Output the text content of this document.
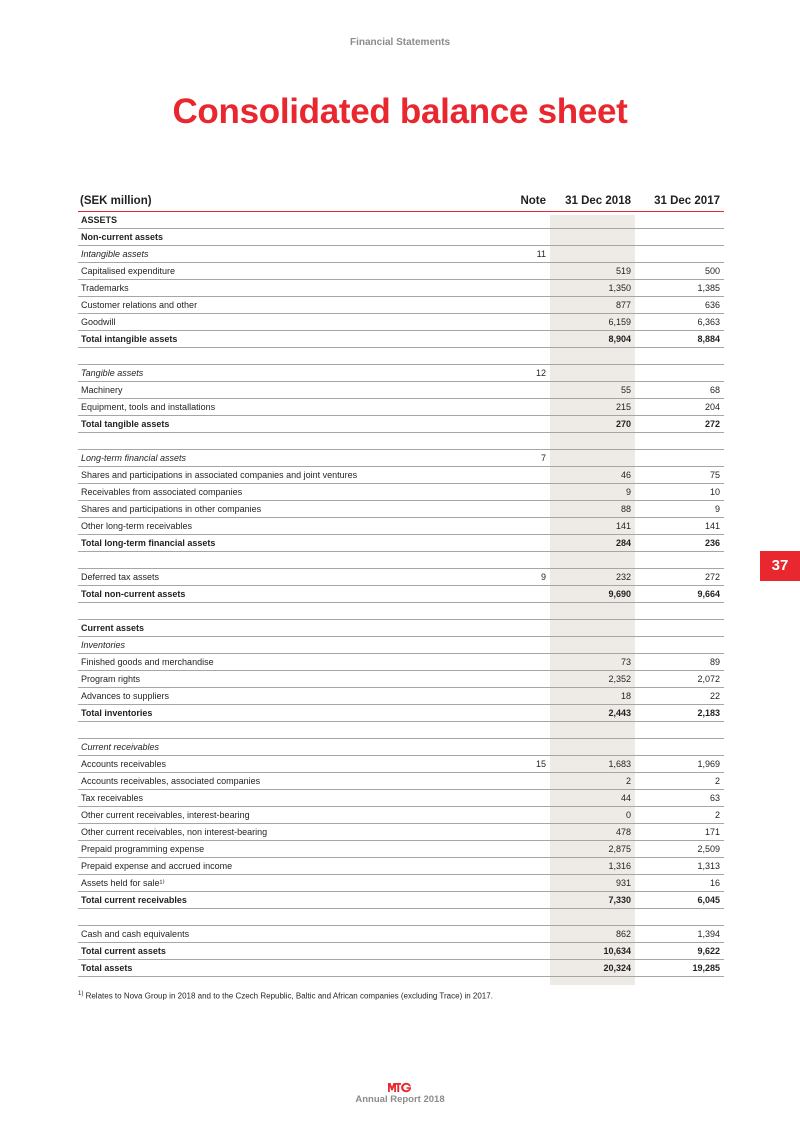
Financial Statements
Consolidated balance sheet
(SEK million)	Note	31 Dec 2018	31 Dec 2017
ASSETS			
Non-current assets			
Intangible assets	11		
Capitalised expenditure		519	500
Trademarks		1,350	1,385
Customer relations and other		877	636
Goodwill		6,159	6,363
Total intangible assets		8,904	8,884

Tangible assets	12		
Machinery		55	68
Equipment, tools and installations		215	204
Total tangible assets		270	272

Long-term financial assets	7		
Shares and participations in associated companies and joint ventures		46	75
Receivables from associated companies		9	10
Shares and participations in other companies		88	9
Other long-term receivables		141	141
Total long-term financial assets		284	236

Deferred tax assets	9	232	272
Total non-current assets		9,690	9,664

Current assets			
Inventories			
Finished goods and merchandise		73	89
Program rights		2,352	2,072
Advances to suppliers		18	22
Total inventories		2,443	2,183

Current receivables			
Accounts receivables	15	1,683	1,969
Accounts receivables, associated companies		2	2
Tax receivables		44	63
Other current receivables, interest-bearing		0	2
Other current receivables, non interest-bearing		478	171
Prepaid programming expense		2,875	2,509
Prepaid expense and accrued income		1,316	1,313
Assets held for sale¹⁾		931	16
Total current receivables		7,330	6,045

Cash and cash equivalents		862	1,394
Total current assets		10,634	9,622
Total assets		20,324	19,285
37
$^{1)}$ Relates to Nova Group in 2018 and to the Czech Republic, Baltic and African companies (excluding Trace) in 2017.
Annual Report 2018
